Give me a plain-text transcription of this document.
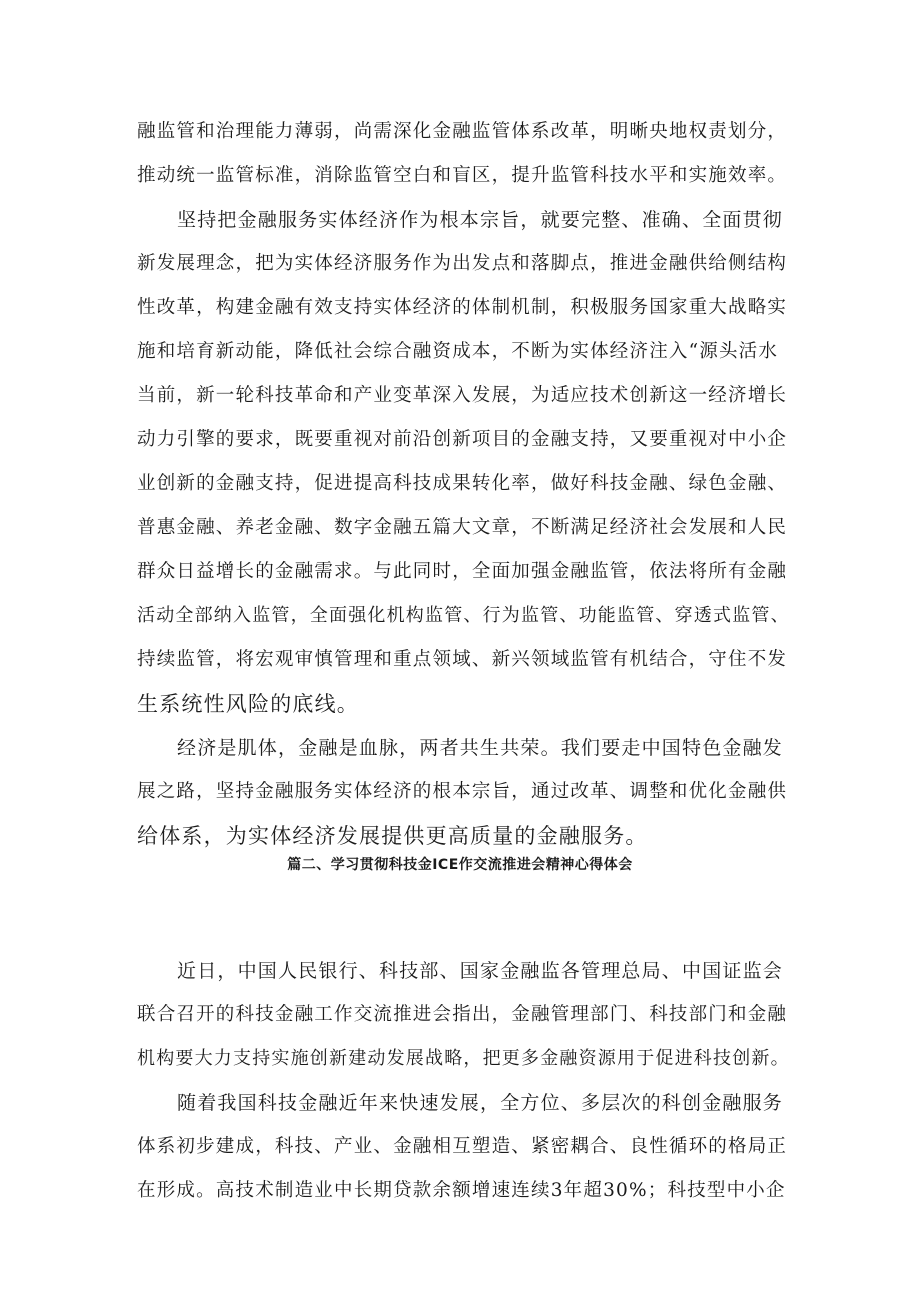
融监管和治理能力薄弱，尚需深化金融监管体系改革，明晰央地权责划分，
推动统一监管标准，消除监管空白和盲区，提升监管科技水平和实施效率。
坚持把金融服务实体经济作为根本宗旨，就要完整、准确、全面贯彻
新发展理念，把为实体经济服务作为出发点和落脚点，推进金融供给侧结构
性改革，构建金融有效支持实体经济的体制机制，积极服务国家重大战略实
施和培育新动能，降低社会综合融资成本，不断为实体经济注入“源头活水
当前，新一轮科技革命和产业变革深入发展，为适应技术创新这一经济增长
动力引擎的要求，既要重视对前沿创新项目的金融支持，又要重视对中小企
业创新的金融支持，促进提高科技成果转化率，做好科技金融、绿色金融、
普惠金融、养老金融、数字金融五篇大文章，不断满足经济社会发展和人民
群众日益增长的金融需求。与此同时，全面加强金融监管，依法将所有金融
活动全部纳入监管，全面强化机构监管、行为监管、功能监管、穿透式监管、
持续监管，将宏观审慎管理和重点领域、新兴领域监管有机结合，守住不发
生系统性风险的底线。
经济是肌体，金融是血脉，两者共生共荣。我们要走中国特色金融发
展之路，坚持金融服务实体经济的根本宗旨，通过改革、调整和优化金融供
给体系，为实体经济发展提供更高质量的金融服务。
篇二、学习贯彻科技金ICE作交流推进会精神心得体会
近日，中国人民银行、科技部、国家金融监各管理总局、中国证监会
联合召开的科技金融工作交流推进会指出，金融管理部门、科技部门和金融
机构要大力支持实施创新建动发展战略，把更多金融资源用于促进科技创新。
随着我国科技金融近年来快速发展，全方位、多层次的科创金融服务
体系初步建成，科技、产业、金融相互塑造、紧密耦合、良性循环的格局正
在形成。高技术制造业中长期贷款余额增速连续3年超30%；科技型中小企
